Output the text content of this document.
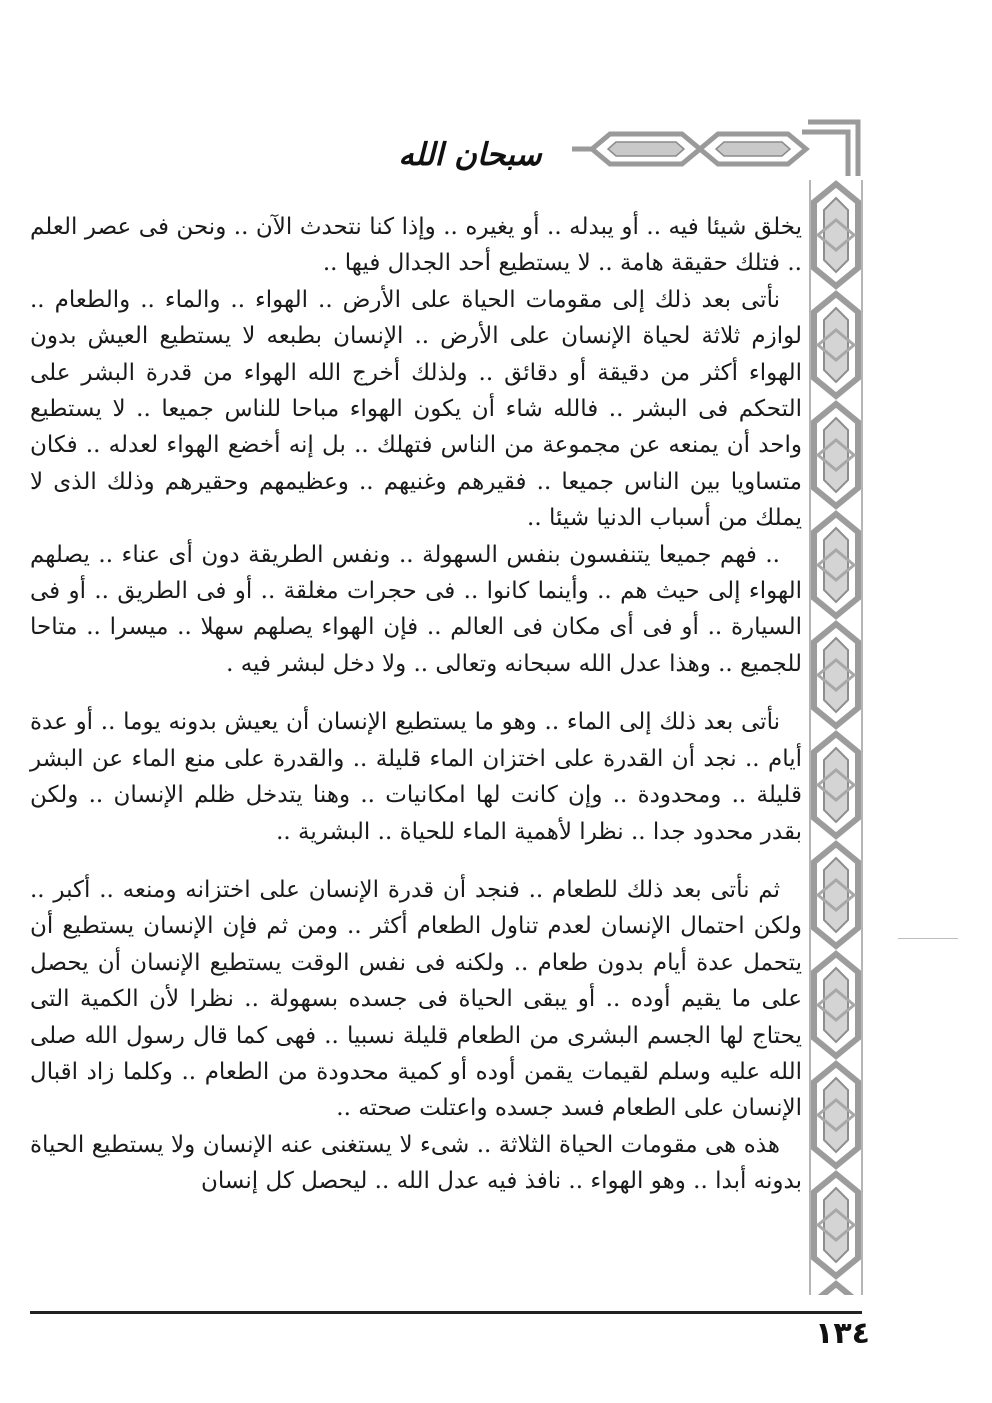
سبحان الله

يخلق شيئا فيه .. أو يبدله .. أو يغيره .. وإذا كنا نتحدث الآن .. ونحن فى عصر العلم .. فتلك حقيقة هامة .. لا يستطيع أحد الجدال فيها ..

نأتى بعد ذلك إلى مقومات الحياة على الأرض .. الهواء .. والماء .. والطعام .. لوازم ثلاثة لحياة الإنسان على الأرض .. الإنسان بطبعه لا يستطيع العيش بدون الهواء أكثر من دقيقة أو دقائق .. ولذلك أخرج الله الهواء من قدرة البشر على التحكم فى البشر .. فالله شاء أن يكون الهواء مباحا للناس جميعا .. لا يستطيع واحد أن يمنعه عن مجموعة من الناس فتهلك .. بل إنه أخضع الهواء لعدله .. فكان متساويا بين الناس جميعا .. فقيرهم وغنيهم .. وعظيمهم وحقيرهم وذلك الذى لا يملك من أسباب الدنيا شيئا ..

.. فهم جميعا يتنفسون بنفس السهولة .. ونفس الطريقة دون أى عناء .. يصلهم الهواء إلى حيث هم .. وأينما كانوا .. فى حجرات مغلقة .. أو فى الطريق .. أو فى السيارة .. أو فى أى مكان فى العالم .. فإن الهواء يصلهم سهلا .. ميسرا .. متاحا للجميع .. وهذا عدل الله سبحانه وتعالى .. ولا دخل لبشر فيه .

نأتى بعد ذلك إلى الماء .. وهو ما يستطيع الإنسان أن يعيش بدونه يوما .. أو عدة أيام .. نجد أن القدرة على اختزان الماء قليلة .. والقدرة على منع الماء عن البشر قليلة .. ومحدودة .. وإن كانت لها امكانيات .. وهنا يتدخل ظلم الإنسان .. ولكن بقدر محدود جدا .. نظرا لأهمية الماء للحياة .. البشرية ..

ثم نأتى بعد ذلك للطعام .. فنجد أن قدرة الإنسان على اختزانه ومنعه .. أكبر .. ولكن احتمال الإنسان لعدم تناول الطعام أكثر .. ومن ثم فإن الإنسان يستطيع أن يتحمل عدة أيام بدون طعام .. ولكنه فى نفس الوقت يستطيع الإنسان أن يحصل على ما يقيم أوده .. أو يبقى الحياة فى جسده بسهولة .. نظرا لأن الكمية التى يحتاج لها الجسم البشرى من الطعام قليلة نسبيا .. فهى كما قال رسول الله صلى الله عليه وسلم لقيمات يقمن أوده أو كمية محدودة من الطعام .. وكلما زاد اقبال الإنسان على الطعام فسد جسده واعتلت صحته ..

هذه هى مقومات الحياة الثلاثة .. شىء لا يستغنى عنه الإنسان ولا يستطيع الحياة بدونه أبدا .. وهو الهواء .. نافذ فيه عدل الله .. ليحصل كل إنسان

١٣٤
